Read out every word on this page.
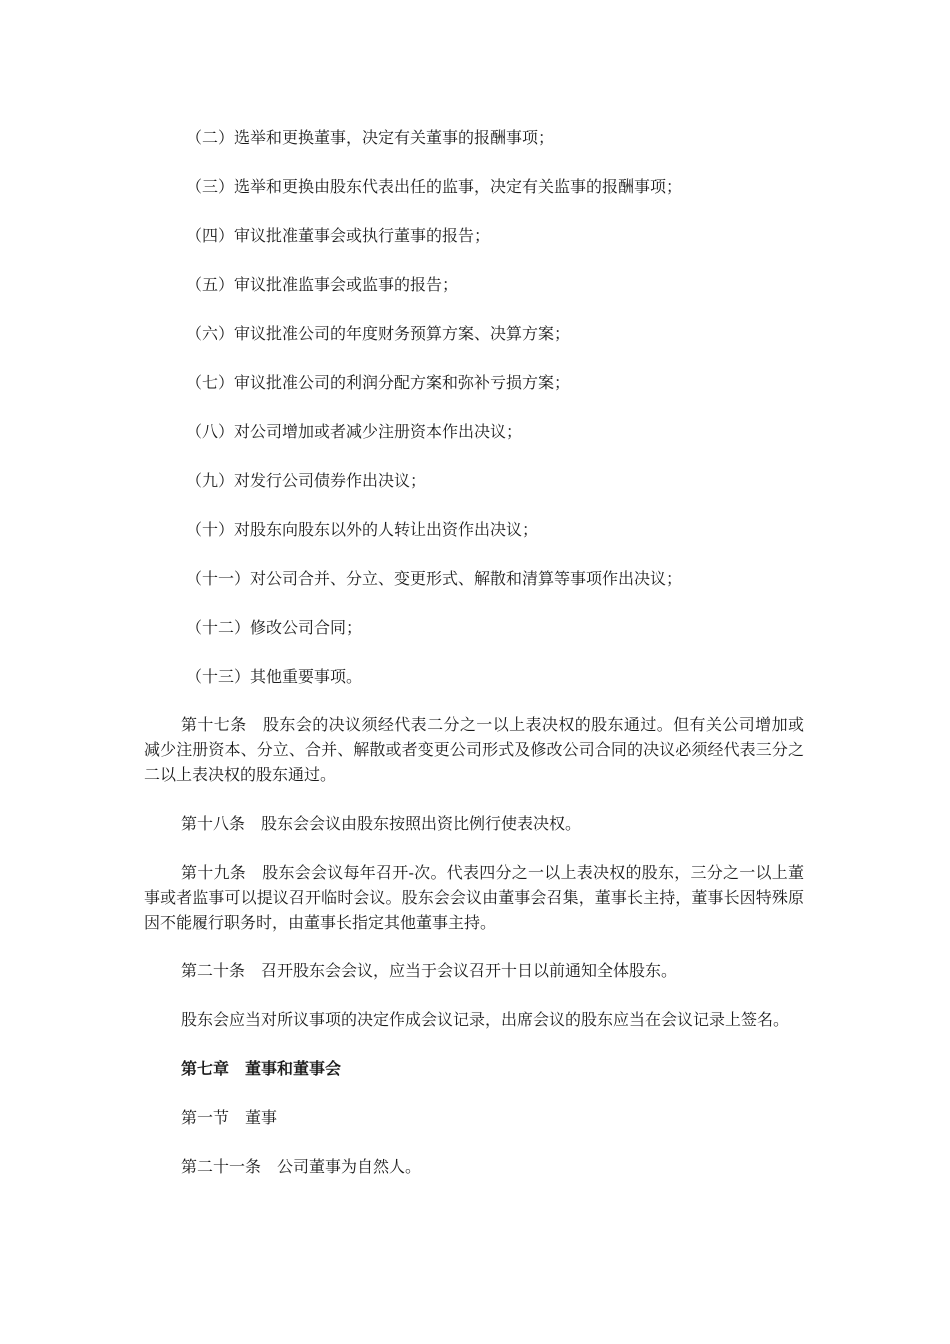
（二）选举和更换董事，决定有关董事的报酬事项；
（三）选举和更换由股东代表出任的监事，决定有关监事的报酬事项；
（四）审议批准董事会或执行董事的报告；
（五）审议批准监事会或监事的报告；
（六）审议批准公司的年度财务预算方案、决算方案；
（七）审议批准公司的利润分配方案和弥补亏损方案；
（八）对公司增加或者减少注册资本作出决议；
（九）对发行公司债券作出决议；
（十）对股东向股东以外的人转让出资作出决议；
（十一）对公司合并、分立、变更形式、解散和清算等事项作出决议；
（十二）修改公司合同；
（十三）其他重要事项。

第十七条　股东会的决议须经代表二分之一以上表决权的股东通过。但有关公司增加或减少注册资本、分立、合并、解散或者变更公司形式及修改公司合同的决议必须经代表三分之二以上表决权的股东通过。

第十八条　股东会会议由股东按照出资比例行使表决权。

第十九条　股东会会议每年召开-次。代表四分之一以上表决权的股东，三分之一以上董事或者监事可以提议召开临时会议。股东会会议由董事会召集，董事长主持，董事长因特殊原因不能履行职务时，由董事长指定其他董事主持。

第二十条　召开股东会会议，应当于会议召开十日以前通知全体股东。

股东会应当对所议事项的决定作成会议记录，出席会议的股东应当在会议记录上签名。

第七章　董事和董事会
第一节　董事
第二十一条　公司董事为自然人。
